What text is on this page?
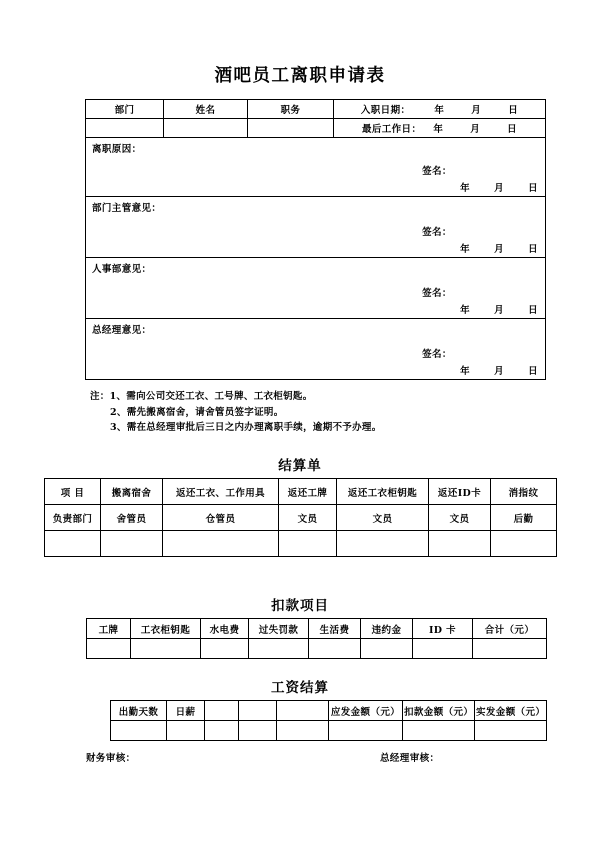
酒吧员工离职申请表
部门	姓名	职务	入职日期： 年 月 日
			最后工作日： 年 月 日

离职原因：
签名：
年 月 日			

部门主管意见：
签名：
年 月 日			

人事部意见：
签名：
年 月 日			

总经理意见：
签名：
年 月 日			
注：1、需向公司交还工衣、工号牌、工衣柜钥匙。
2、需先搬离宿舍，请舍管员签字证明。
3、需在总经理审批后三日之内办理离职手续，逾期不予办理。
结算单
项 目	搬离宿舍	返还工衣、工作用具	返还工牌	返还工衣柜钥匙	返还ID卡	消指纹
负责部门	舍管员	仓管员	文员	文员	文员	后勤

扣款项目
工牌	工衣柜钥匙	水电费	过失罚款	生活费	违约金	ID 卡	合计（元）

工资结算
出勤天数	日薪				应发金额（元）	扣款金额（元）	实发金额（元）

财务审核：	总经理审核：
